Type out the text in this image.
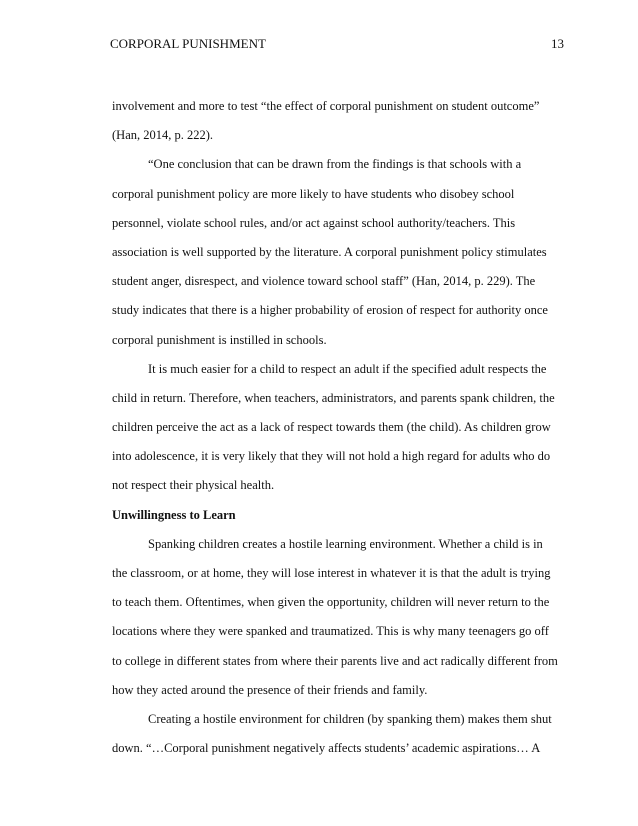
CORPORAL PUNISHMENT	13
involvement and more to test “the effect of corporal punishment on student outcome”
(Han, 2014, p. 222).
“One conclusion that can be drawn from the findings is that schools with a
corporal punishment policy are more likely to have students who disobey school
personnel, violate school rules, and/or act against school authority/teachers. This
association is well supported by the literature. A corporal punishment policy stimulates
student anger, disrespect, and violence toward school staff” (Han, 2014, p. 229). The
study indicates that there is a higher probability of erosion of respect for authority once
corporal punishment is instilled in schools.
It is much easier for a child to respect an adult if the specified adult respects the
child in return. Therefore, when teachers, administrators, and parents spank children, the
children perceive the act as a lack of respect towards them (the child). As children grow
into adolescence, it is very likely that they will not hold a high regard for adults who do
not respect their physical health.
Unwillingness to Learn
Spanking children creates a hostile learning environment. Whether a child is in
the classroom, or at home, they will lose interest in whatever it is that the adult is trying
to teach them. Oftentimes, when given the opportunity, children will never return to the
locations where they were spanked and traumatized. This is why many teenagers go off
to college in different states from where their parents live and act radically different from
how they acted around the presence of their friends and family.
Creating a hostile environment for children (by spanking them) makes them shut
down. “…Corporal punishment negatively affects students’ academic aspirations… A
